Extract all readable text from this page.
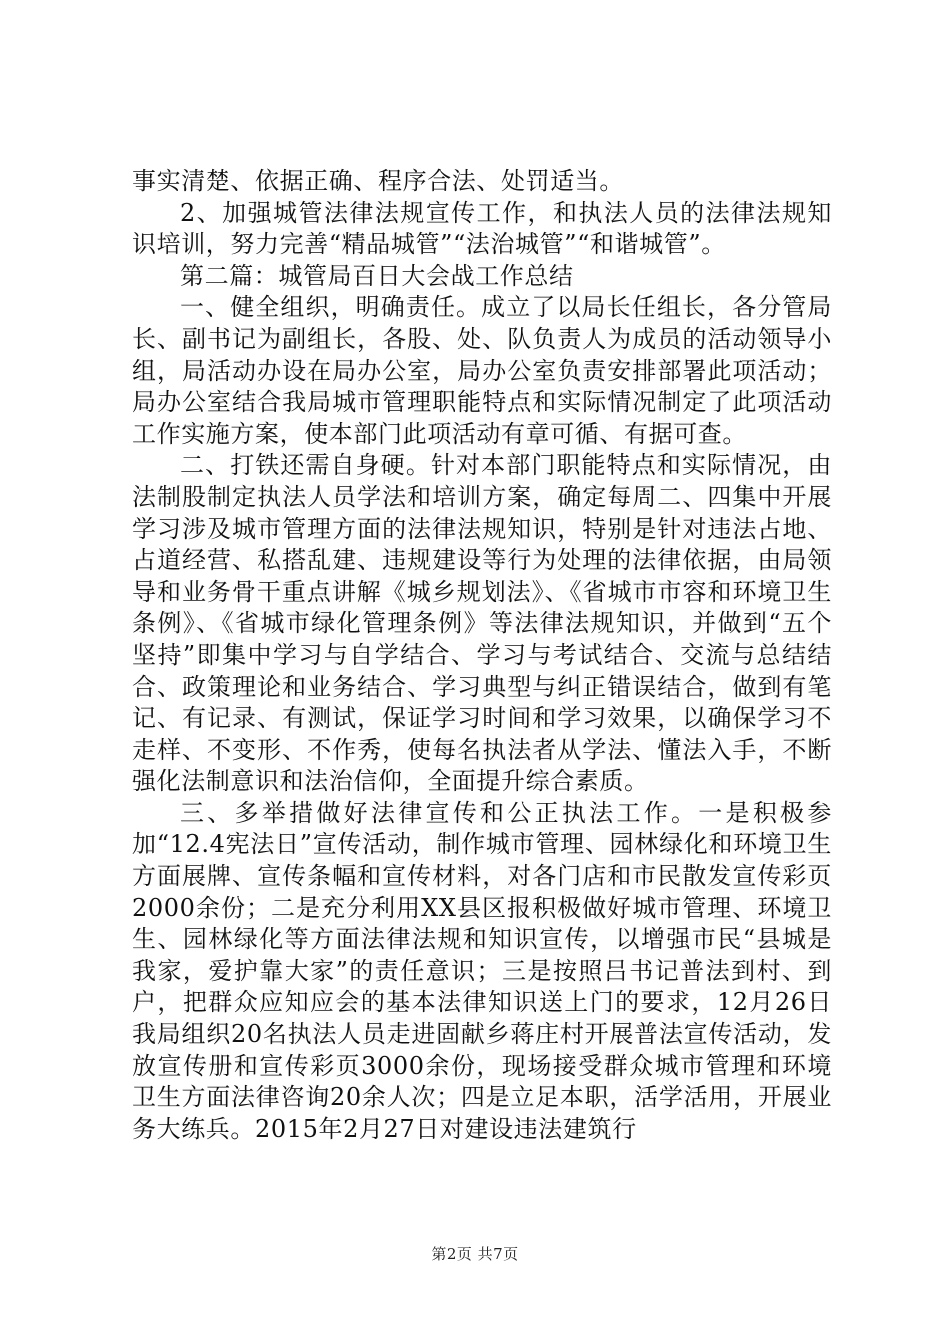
事实清楚、依据正确、程序合法、处罚适当。

2、加强城管法律法规宣传工作，和执法人员的法律法规知识培训，努力完善“精品城管”“法治城管”“和谐城管”。

第二篇：城管局百日大会战工作总结

一、健全组织，明确责任。成立了以局长任组长，各分管局长、副书记为副组长，各股、处、队负责人为成员的活动领导小组，局活动办设在局办公室，局办公室负责安排部署此项活动；局办公室结合我局城市管理职能特点和实际情况制定了此项活动工作实施方案，使本部门此项活动有章可循、有据可查。

二、打铁还需自身硬。针对本部门职能特点和实际情况，由法制股制定执法人员学法和培训方案，确定每周二、四集中开展学习涉及城市管理方面的法律法规知识，特别是针对违法占地、占道经营、私搭乱建、违规建设等行为处理的法律依据，由局领导和业务骨干重点讲解《城乡规划法》、《省城市市容和环境卫生条例》、《省城市绿化管理条例》等法律法规知识，并做到“五个坚持”即集中学习与自学结合、学习与考试结合、交流与总结结合、政策理论和业务结合、学习典型与纠正错误结合，做到有笔记、有记录、有测试，保证学习时间和学习效果，以确保学习不走样、不变形、不作秀，使每名执法者从学法、懂法入手，不断强化法制意识和法治信仰，全面提升综合素质。

三、多举措做好法律宣传和公正执法工作。一是积极参加“12.4宪法日”宣传活动，制作城市管理、园林绿化和环境卫生方面展牌、宣传条幅和宣传材料，对各门店和市民散发宣传彩页2000余份；二是充分利用XX县区报积极做好城市管理、环境卫生、园林绿化等方面法律法规和知识宣传，以增强市民“县城是我家，爱护靠大家”的责任意识；三是按照吕书记普法到村、到户，把群众应知应会的基本法律知识送上门的要求，12月26日我局组织20名执法人员走进固献乡蒋庄村开展普法宣传活动，发放宣传册和宣传彩页3000余份，现场接受群众城市管理和环境卫生方面法律咨询20余人次；四是立足本职，活学活用，开展业务大练兵。2015年2月27日对建设违法建筑行

第2页 共7页
